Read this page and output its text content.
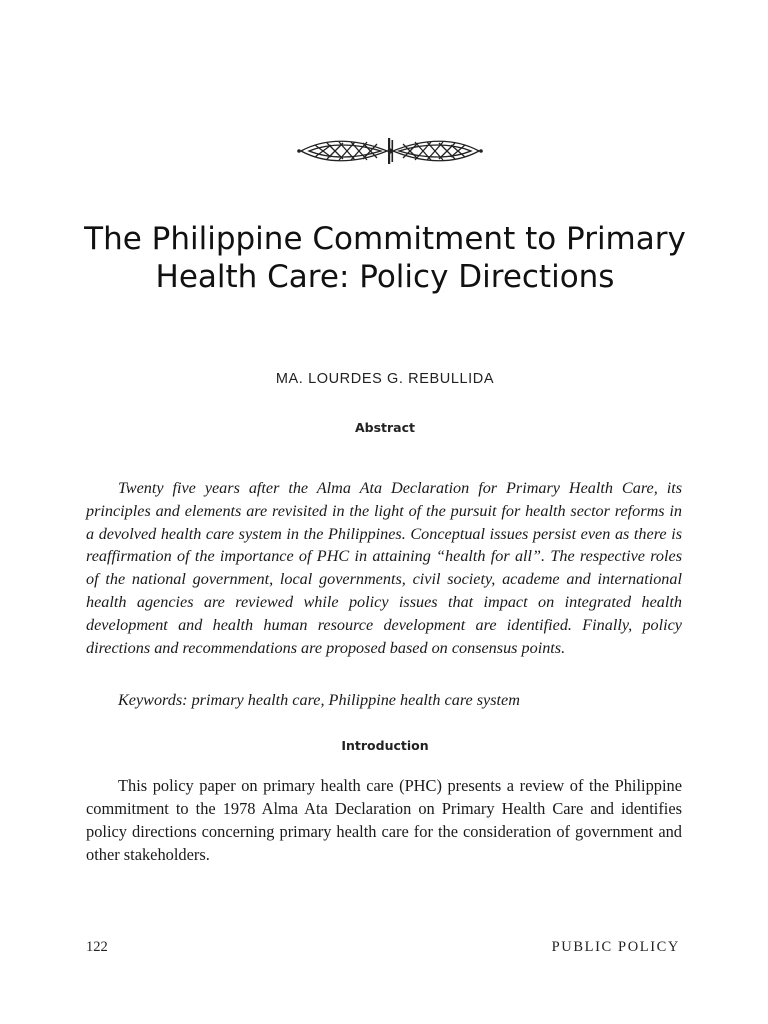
The Philippine Commitment to Primary Health Care: Policy Directions
MA. LOURDES G. REBULLIDA
Abstract

Twenty five years after the Alma Ata Declaration for Primary Health Care, its principles and elements are revisited in the light of the pursuit for health sector reforms in a devolved health care system in the Philippines. Conceptual issues persist even as there is reaffirmation of the importance of PHC in attaining “health for all”. The respective roles of the national government, local governments, civil society, academe and international health agencies are reviewed while policy issues that impact on integrated health development and health human resource development are identified. Finally, policy directions and recommendations are proposed based on consensus points.

Keywords: primary health care, Philippine health care system
Introduction

This policy paper on primary health care (PHC) presents a review of the Philippine commitment to the 1978 Alma Ata Declaration on Primary Health Care and identifies policy directions concerning primary health care for the consideration of government and other stakeholders.

122	PUBLIC POLICY
